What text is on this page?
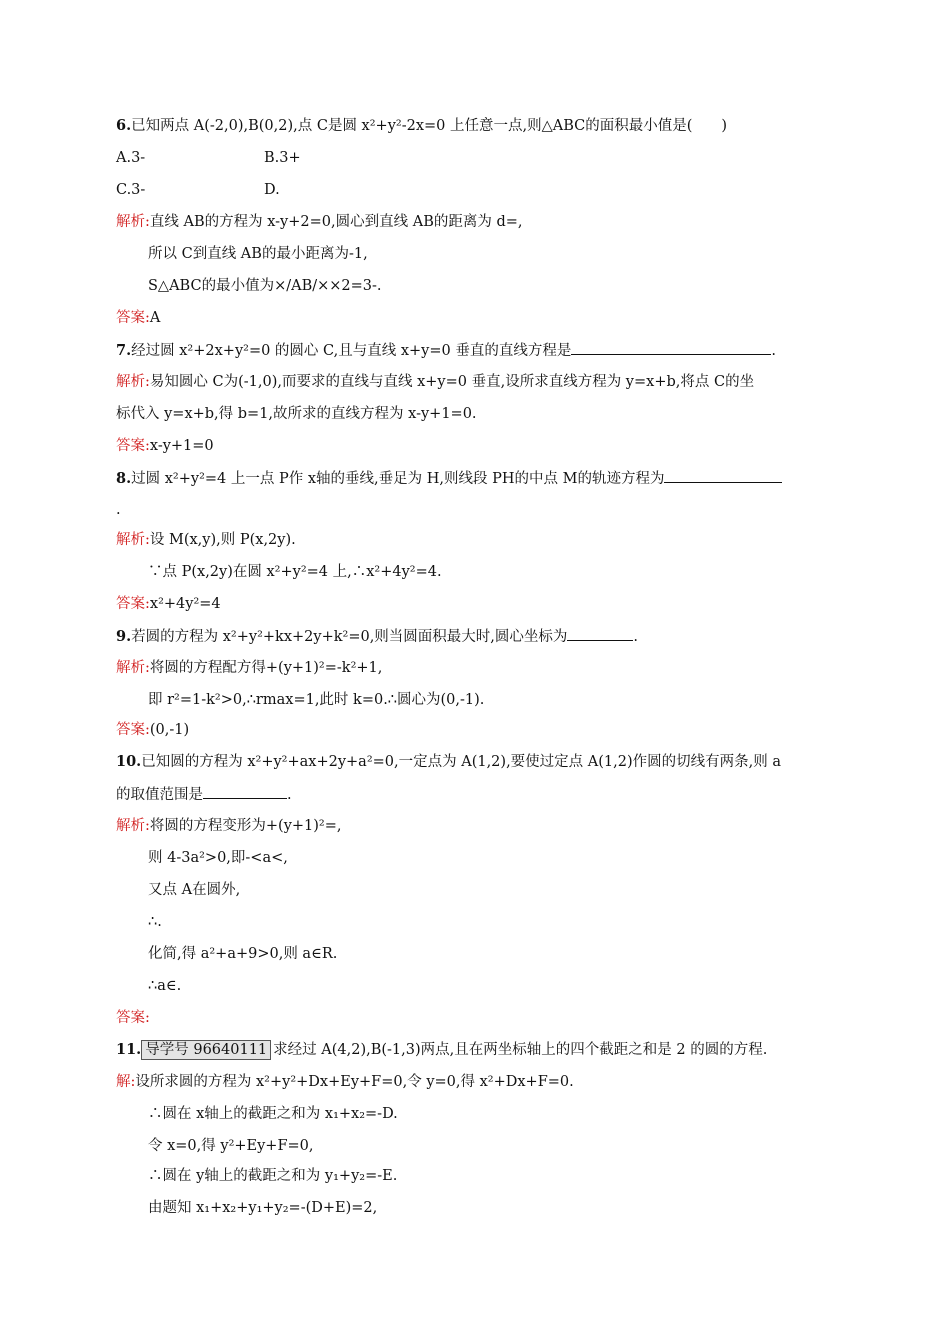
6.已知两点 A(-2,0),B(0,2),点 C是圆 x²+y²-2x=0 上任意一点,则△ABC的面积最小值是(　　)
A.3-	B.3+
C.3-	D.
解析:直线 AB的方程为 x-y+2=0,圆心到直线 AB的距离为 d=,
所以 C到直线 AB的最小距离为-1,
S△ABC的最小值为×/AB/××2=3-.
答案:A
7.经过圆 x²+2x+y²=0 的圆心 C,且与直线 x+y=0 垂直的直线方程是	.
解析:易知圆心 C为(-1,0),而要求的直线与直线 x+y=0 垂直,设所求直线方程为 y=x+b,将点 C的坐
标代入 y=x+b,得 b=1,故所求的直线方程为 x-y+1=0.
答案:x-y+1=0
8.过圆 x²+y²=4 上一点 P作 x轴的垂线,垂足为 H,则线段 PH的中点 M的轨迹方程为
.
解析:设 M(x,y),则 P(x,2y).
∵点 P(x,2y)在圆 x²+y²=4 上,∴x²+4y²=4.
答案:x²+4y²=4
9.若圆的方程为 x²+y²+kx+2y+k²=0,则当圆面积最大时,圆心坐标为	.
解析:将圆的方程配方得+(y+1)²=-k²+1,
即 r²=1-k²>0,∴rmax=1,此时 k=0.∴圆心为(0,-1).
答案:(0,-1)
10.已知圆的方程为 x²+y²+ax+2y+a²=0,一定点为 A(1,2),要使过定点 A(1,2)作圆的切线有两条,则 a
的取值范围是	.
解析:将圆的方程变形为+(y+1)²=,
则 4-3a²>0,即-<a<,
又点 A在圆外,
∴.
化简,得 a²+a+9>0,则 a∈R.
∴a∈.
答案:
11. 导学号 96640111 求经过 A(4,2),B(-1,3)两点,且在两坐标轴上的四个截距之和是 2 的圆的方程.
解:设所求圆的方程为 x²+y²+Dx+Ey+F=0,令 y=0,得 x²+Dx+F=0.
∴圆在 x轴上的截距之和为 x₁+x₂=-D.
令 x=0,得 y²+Ey+F=0,
∴圆在 y轴上的截距之和为 y₁+y₂=-E.
由题知 x₁+x₂+y₁+y₂=-(D+E)=2,
